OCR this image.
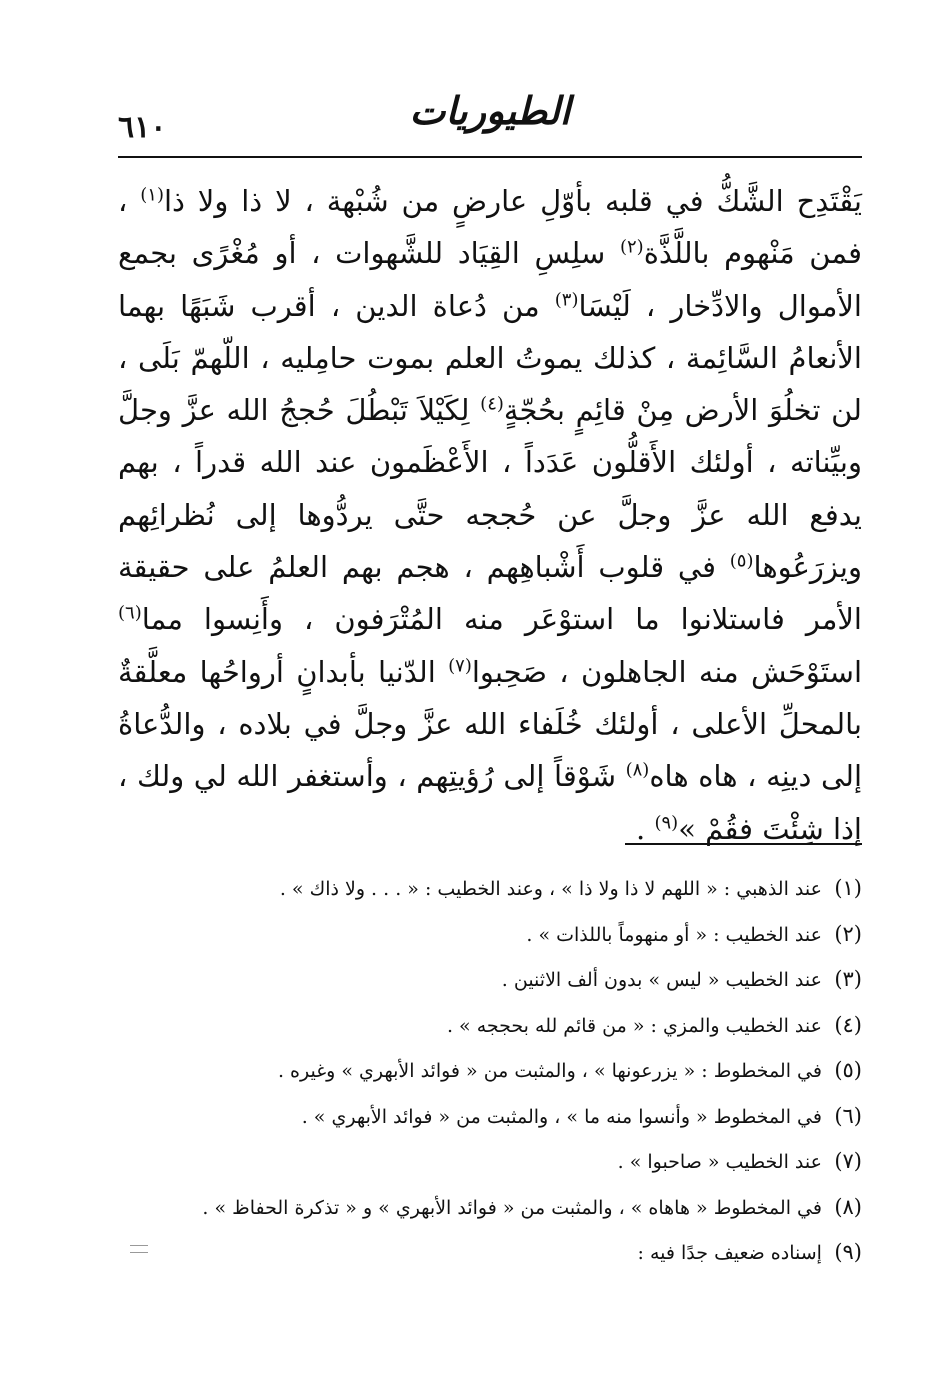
٦١٠	الطيوريات

يَقْتَدِح الشَّكُّ في قلبه بأوّلِ عارضٍ من شُبْهة ، لا ذا ولا ذا$^{(١)}$ ، فمن مَنْهوم باللَّذَّة$^{(٢)}$ سلِسِ القِيَاد للشَّهوات ، أو مُغْرًى بجمع الأموال والادِّخار ، لَيْسَا$^{(٣)}$ من دُعاة الدين ، أقرب شَبَهًا بهما الأنعامُ السَّائِمة ، كذلك يموتُ العلم بموت حامِليه ، اللّهمّ بَلَى ، لن تخلُوَ الأرض مِنْ قائِمٍ بحُجّةٍ$^{(٤)}$ لِكَيْلاَ تَبْطُلَ حُججُ الله عزَّ وجلَّ وبيِّناته ، أولئك الأَقلُّون عَدَداً ، الأَعْظَمون عند الله قدراً ، بهم يدفع الله عزَّ وجلَّ عن حُججه حتَّى يردُّوها إلى نُظرائِهم ويزرَعُوها$^{(٥)}$ في قلوب أَشْباهِهم ، هجم بهم العلمُ على حقيقة الأمر فاستلانوا ما استوْعَر منه المُتْرَفون ، وأَنِسوا مما$^{(٦)}$ استَوْحَش منه الجاهلون ، صَحِبوا$^{(٧)}$ الدّنيا بأبدانٍ أرواحُها معلَّقةٌ بالمحلِّ الأعلى ، أولئك خُلَفاء الله عزَّ وجلَّ في بلاده ، والدُّعاةُ إلى دينِه ، هاه هاه$^{(٨)}$ شَوْقاً إلى رُؤيتِهم ، وأستغفر الله لي ولك ، إذا شِئْتَ فقُمْ »$^{(٩)}$ .

(١) عند الذهبي : « اللهم لا ذا ولا ذا » ، وعند الخطيب : « . . . ولا ذاك » .
(٢) عند الخطيب : « أو منهوماً باللذات » .
(٣) عند الخطيب « ليس » بدون ألف الاثنين .
(٤) عند الخطيب والمزي : « من قائم لله بحججه » .
(٥) في المخطوط : « يزرعونها » ، والمثبت من « فوائد الأبهري » وغيره .
(٦) في المخطوط « وأنسوا منه ما » ، والمثبت من « فوائد الأبهري » .
(٧) عند الخطيب « صاحبوا » .
(٨) في المخطوط « هاهاه » ، والمثبت من « فوائد الأبهري » و « تذكرة الحفاظ » .
(٩) إسناده ضعيف جدًا فيه :
